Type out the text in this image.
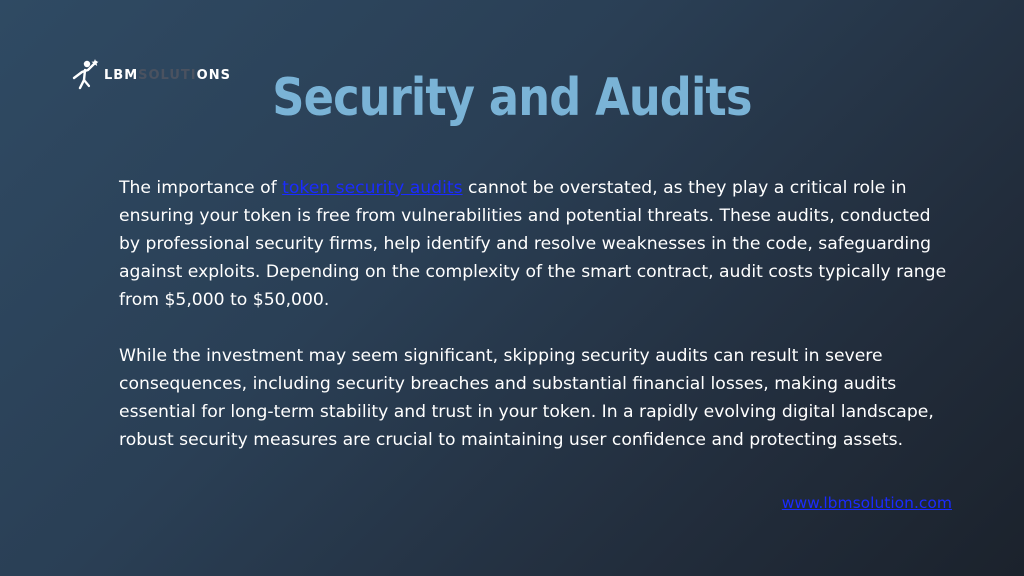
LBMSOLUTIONS Security and Audits

The importance of token security audits cannot be overstated, as they play a critical role in ensuring your token is free from vulnerabilities and potential threats. These audits, conducted by professional security firms, help identify and resolve weaknesses in the code, safeguarding against exploits. Depending on the complexity of the smart contract, audit costs typically range from $5,000 to $50,000.

While the investment may seem significant, skipping security audits can result in severe consequences, including security breaches and substantial financial losses, making audits essential for long-term stability and trust in your token. In a rapidly evolving digital landscape, robust security measures are crucial to maintaining user confidence and protecting assets.

www.lbmsolution.com
